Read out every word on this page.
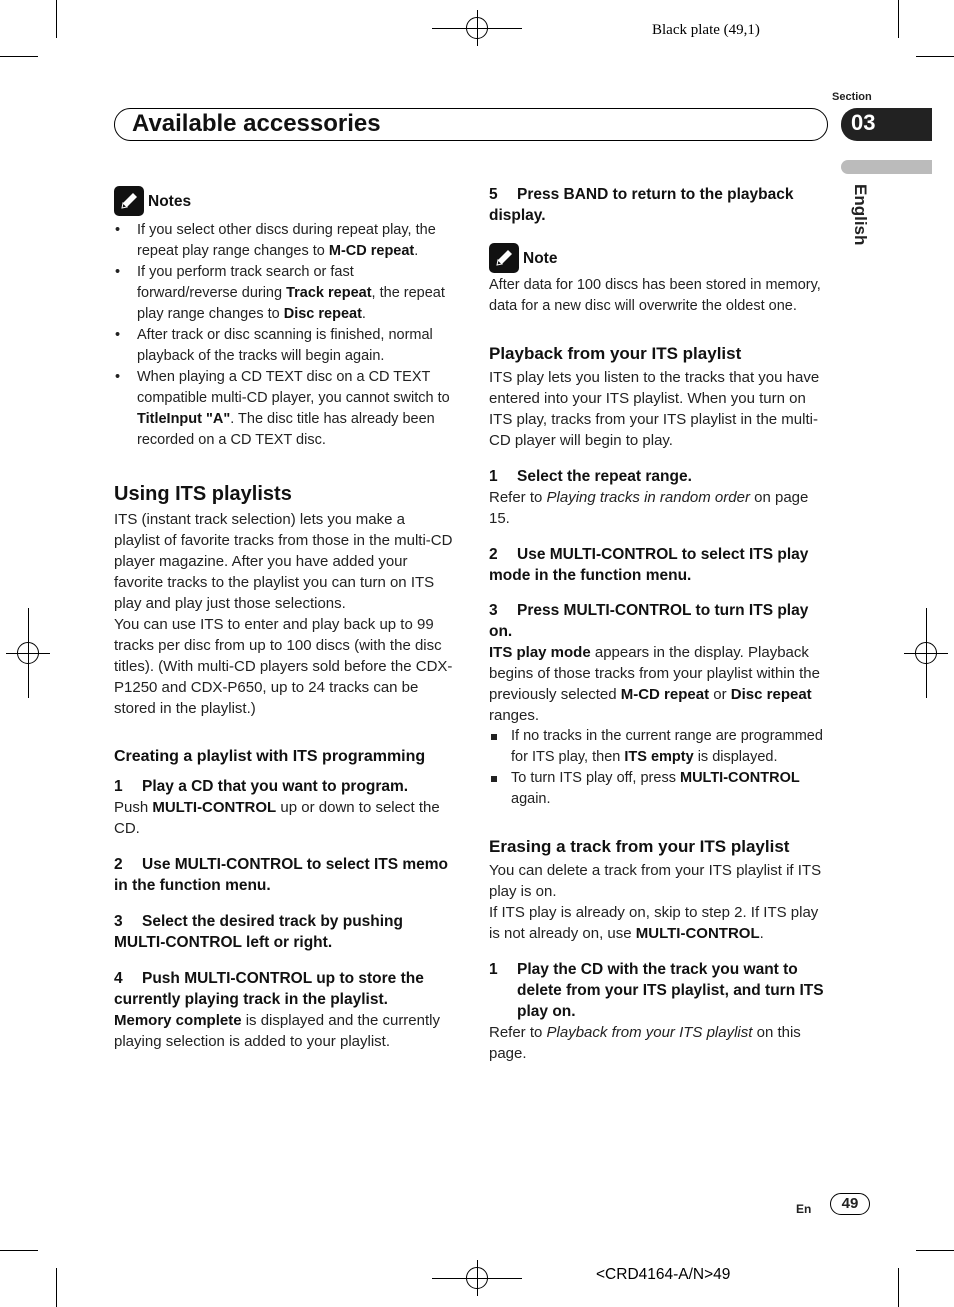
Black plate (49,1)
Available accessories
Section
03
English
Notes
• If you select other discs during repeat play, the repeat play range changes to M-CD repeat.
• If you perform track search or fast forward/reverse during Track repeat, the repeat play range changes to Disc repeat.
• After track or disc scanning is finished, normal playback of the tracks will begin again.
• When playing a CD TEXT disc on a CD TEXT compatible multi-CD player, you cannot switch to TitleInput "A". The disc title has already been recorded on a CD TEXT disc.
Using ITS playlists

ITS (instant track selection) lets you make a playlist of favorite tracks from those in the multi-CD player magazine. After you have added your favorite tracks to the playlist you can turn on ITS play and play just those selections.

You can use ITS to enter and play back up to 99 tracks per disc from up to 100 discs (with the disc titles). (With multi-CD players sold before the CDX-P1250 and CDX-P650, up to 24 tracks can be stored in the playlist.)

Creating a playlist with ITS programming
1 Play a CD that you want to program.

Push MULTI-CONTROL up or down to select the CD.

2 Use MULTI-CONTROL to select ITS memo in the function menu.
3 Select the desired track by pushing MULTI-CONTROL left or right.
4 Push MULTI-CONTROL up to store the currently playing track in the playlist.

Memory complete is displayed and the currently playing selection is added to your playlist.

5 Press BAND to return to the playback display.
Note

After data for 100 discs has been stored in memory, data for a new disc will overwrite the oldest one.

Playback from your ITS playlist

ITS play lets you listen to the tracks that you have entered into your ITS playlist. When you turn on ITS play, tracks from your ITS playlist in the multi-CD player will begin to play.

1 Select the repeat range.

Refer to Playing tracks in random order on page 15.

2 Use MULTI-CONTROL to select ITS play mode in the function menu.
3 Press MULTI-CONTROL to turn ITS play on.

ITS play mode appears in the display. Playback begins of those tracks from your playlist within the previously selected M-CD repeat or Disc repeat ranges.

If no tracks in the current range are programmed for ITS play, then ITS empty is displayed.
To turn ITS play off, press MULTI-CONTROL again.
Erasing a track from your ITS playlist

You can delete a track from your ITS playlist if ITS play is on.

If ITS play is already on, skip to step 2. If ITS play is not already on, use MULTI-CONTROL.

1	Play the CD with the track you want to delete from your ITS playlist, and turn ITS play on.

Refer to Playback from your ITS playlist on this page.

En	49
<CRD4164-A/N>49
